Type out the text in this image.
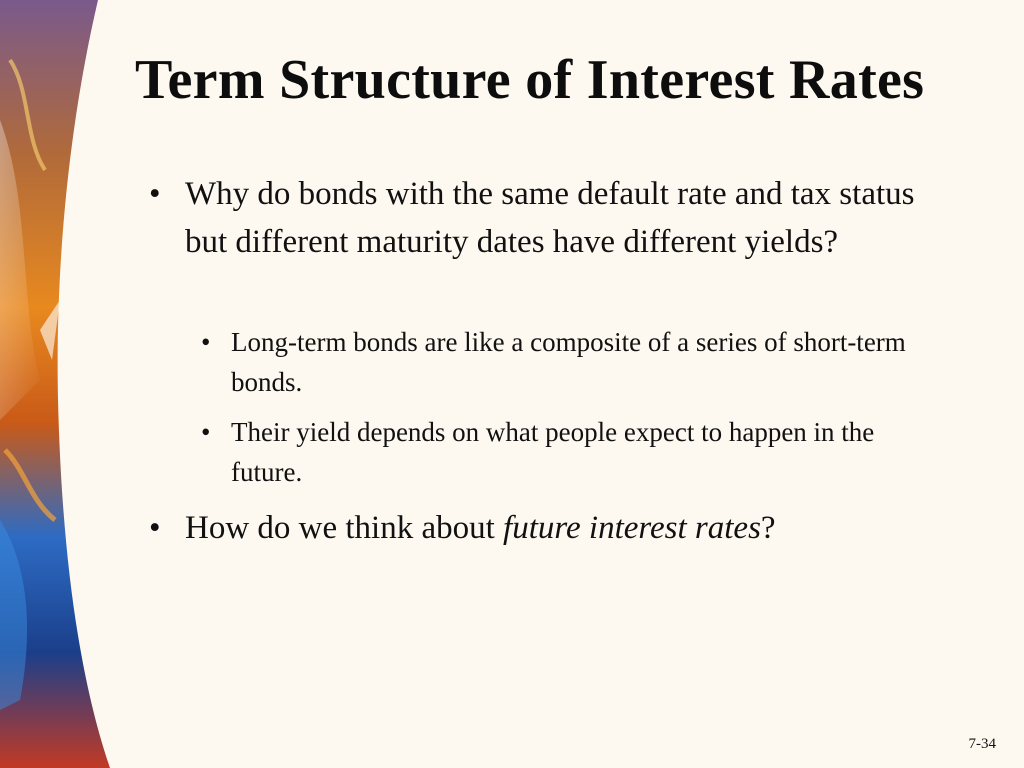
Term Structure of Interest Rates
• Why do bonds with the same default rate and tax status but different maturity dates have different yields?
• Long-term bonds are like a composite of a series of short-term bonds.
• Their yield depends on what people expect to happen in the future.
• How do we think about future interest rates?
7-34
